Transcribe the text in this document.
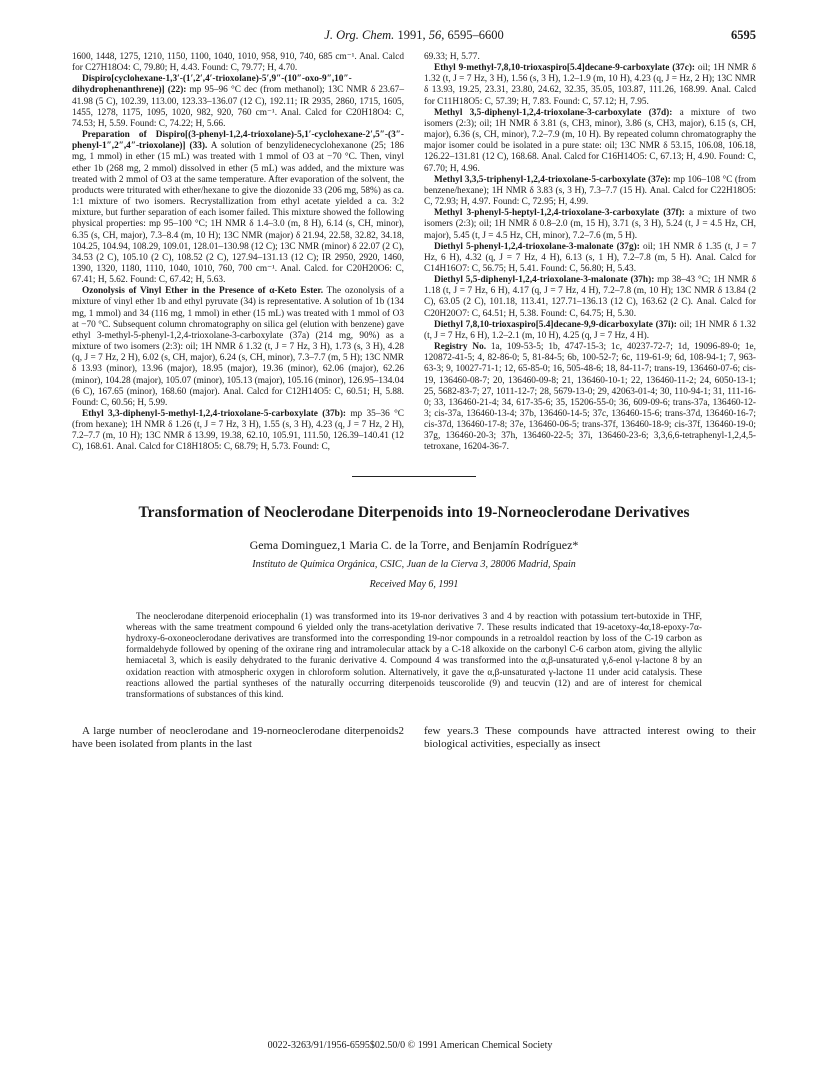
J. Org. Chem. 1991, 56, 6595–6600	6595

1600, 1448, 1275, 1210, 1150, 1100, 1040, 1010, 958, 910, 740, 685 cm⁻¹. Anal. Calcd for C27H18O4: C, 79.80; H, 4.43. Found: C, 79.77; H, 4.70.

Dispiro[cyclohexane-1,3′-(1′,2′,4′-trioxolane)-5′,9″-(10″-oxo-9″,10″-dihydrophenanthrene)] (22): mp 95–96 °C dec (from methanol); 13C NMR δ 23.67–41.98 (5 C), 102.39, 113.00, 123.33–136.07 (12 C), 192.11; IR 2935, 2860, 1715, 1605, 1455, 1278, 1175, 1095, 1020, 982, 920, 760 cm⁻¹. Anal. Calcd for C20H18O4: C, 74.53; H, 5.59. Found: C, 74.22; H, 5.66.

Preparation of Dispiro[(3-phenyl-1,2,4-trioxolane)-5,1′-cyclohexane-2′,5″-(3″-phenyl-1″,2″,4″-trioxolane)] (33). A solution of benzylidenecyclohexanone (25; 186 mg, 1 mmol) in ether (15 mL) was treated with 1 mmol of O3 at −70 °C. Then, vinyl ether 1b (268 mg, 2 mmol) dissolved in ether (5 mL) was added, and the mixture was treated with 2 mmol of O3 at the same temperature. After evaporation of the solvent, the products were triturated with ether/hexane to give the diozonide 33 (206 mg, 58%) as ca. 1:1 mixture of two isomers. Recrystallization from ethyl acetate yielded a ca. 3:2 mixture, but further separation of each isomer failed. This mixture showed the following physical properties: mp 95–100 °C; 1H NMR δ 1.4–3.0 (m, 8 H), 6.14 (s, CH, minor), 6.35 (s, CH, major), 7.3–8.4 (m, 10 H); 13C NMR (major) δ 21.94, 22.58, 32.82, 34.18, 104.25, 104.94, 108.29, 109.01, 128.01–130.98 (12 C); 13C NMR (minor) δ 22.07 (2 C), 34.53 (2 C), 105.10 (2 C), 108.52 (2 C), 127.94–131.13 (12 C); IR 2950, 2920, 1460, 1390, 1320, 1180, 1110, 1040, 1010, 760, 700 cm⁻¹. Anal. Calcd. for C20H20O6: C, 67.41; H, 5.62. Found: C, 67.42; H, 5.63.

Ozonolysis of Vinyl Ether in the Presence of α-Keto Ester. The ozonolysis of a mixture of vinyl ether 1b and ethyl pyruvate (34) is representative. A solution of 1b (134 mg, 1 mmol) and 34 (116 mg, 1 mmol) in ether (15 mL) was treated with 1 mmol of O3 at −70 °C. Subsequent column chromatography on silica gel (elution with benzene) gave ethyl 3-methyl-5-phenyl-1,2,4-trioxolane-3-carboxylate (37a) (214 mg, 90%) as a mixture of two isomers (2:3): oil; 1H NMR δ 1.32 (t, J = 7 Hz, 3 H), 1.73 (s, 3 H), 4.28 (q, J = 7 Hz, 2 H), 6.02 (s, CH, major), 6.24 (s, CH, minor), 7.3–7.7 (m, 5 H); 13C NMR δ 13.93 (minor), 13.96 (major), 18.95 (major), 19.36 (minor), 62.06 (major), 62.26 (minor), 104.28 (major), 105.07 (minor), 105.13 (major), 105.16 (minor), 126.95–134.04 (6 C), 167.65 (minor), 168.60 (major). Anal. Calcd for C12H14O5: C, 60.51; H, 5.88. Found: C, 60.56; H, 5.99.

Ethyl 3,3-diphenyl-5-methyl-1,2,4-trioxolane-5-carboxylate (37b): mp 35–36 °C (from hexane); 1H NMR δ 1.26 (t, J = 7 Hz, 3 H), 1.55 (s, 3 H), 4.23 (q, J = 7 Hz, 2 H), 7.2–7.7 (m, 10 H); 13C NMR δ 13.99, 19.38, 62.10, 105.91, 111.50, 126.39–140.41 (12 C), 168.61. Anal. Calcd for C18H18O5: C, 68.79; H, 5.73. Found: C,

69.33; H, 5.77.

Ethyl 9-methyl-7,8,10-trioxaspiro[5.4]decane-9-carboxylate (37c): oil; 1H NMR δ 1.32 (t, J = 7 Hz, 3 H), 1.56 (s, 3 H), 1.2–1.9 (m, 10 H), 4.23 (q, J = Hz, 2 H); 13C NMR δ 13.93, 19.25, 23.31, 23.80, 24.62, 32.35, 35.05, 103.87, 111.26, 168.99. Anal. Calcd for C11H18O5: C, 57.39; H, 7.83. Found: C, 57.12; H, 7.95.

Methyl 3,5-diphenyl-1,2,4-trioxolane-3-carboxylate (37d): a mixture of two isomers (2:3); oil; 1H NMR δ 3.81 (s, CH3, minor), 3.86 (s, CH3, major), 6.15 (s, CH, major), 6.36 (s, CH, minor), 7.2–7.9 (m, 10 H). By repeated column chromatography the major isomer could be isolated in a pure state: oil; 13C NMR δ 53.15, 106.08, 106.18, 126.22–131.81 (12 C), 168.68. Anal. Calcd for C16H14O5: C, 67.13; H, 4.90. Found: C, 67.70; H, 4.96.

Methyl 3,3,5-triphenyl-1,2,4-trioxolane-5-carboxylate (37e): mp 106–108 °C (from benzene/hexane); 1H NMR δ 3.83 (s, 3 H), 7.3–7.7 (15 H). Anal. Calcd for C22H18O5: C, 72.93; H, 4.97. Found: C, 72.95; H, 4.99.

Methyl 3-phenyl-5-heptyl-1,2,4-trioxolane-3-carboxylate (37f): a mixture of two isomers (2:3); oil; 1H NMR δ 0.8–2.0 (m, 15 H), 3.71 (s, 3 H), 5.24 (t, J = 4.5 Hz, CH, major), 5.45 (t, J = 4.5 Hz, CH, minor), 7.2–7.6 (m, 5 H).

Diethyl 5-phenyl-1,2,4-trioxolane-3-malonate (37g): oil; 1H NMR δ 1.35 (t, J = 7 Hz, 6 H), 4.32 (q, J = 7 Hz, 4 H), 6.13 (s, 1 H), 7.2–7.8 (m, 5 H). Anal. Calcd for C14H16O7: C, 56.75; H, 5.41. Found: C, 56.80; H, 5.43.

Diethyl 5,5-diphenyl-1,2,4-trioxolane-3-malonate (37h): mp 38–43 °C; 1H NMR δ 1.18 (t, J = 7 Hz, 6 H), 4.17 (q, J = 7 Hz, 4 H), 7.2–7.8 (m, 10 H); 13C NMR δ 13.84 (2 C), 63.05 (2 C), 101.18, 113.41, 127.71–136.13 (12 C), 163.62 (2 C). Anal. Calcd for C20H20O7: C, 64.51; H, 5.38. Found: C, 64.75; H, 5.30.

Diethyl 7,8,10-trioxaspiro[5.4]decane-9,9-dicarboxylate (37i): oil; 1H NMR δ 1.32 (t, J = 7 Hz, 6 H), 1.2–2.1 (m, 10 H), 4.25 (q, J = 7 Hz, 4 H).

Registry No. 1a, 109-53-5; 1b, 4747-15-3; 1c, 40237-72-7; 1d, 19096-89-0; 1e, 120872-41-5; 4, 82-86-0; 5, 81-84-5; 6b, 100-52-7; 6c, 119-61-9; 6d, 108-94-1; 7, 963-63-3; 9, 10027-71-1; 12, 65-85-0; 16, 505-48-6; 18, 84-11-7; trans-19, 136460-07-6; cis-19, 136460-08-7; 20, 136460-09-8; 21, 136460-10-1; 22, 136460-11-2; 24, 6050-13-1; 25, 5682-83-7; 27, 1011-12-7; 28, 5679-13-0; 29, 42063-01-4; 30, 110-94-1; 31, 111-16-0; 33, 136460-21-4; 34, 617-35-6; 35, 15206-55-0; 36, 609-09-6; trans-37a, 136460-12-3; cis-37a, 136460-13-4; 37b, 136460-14-5; 37c, 136460-15-6; trans-37d, 136460-16-7; cis-37d, 136460-17-8; 37e, 136460-06-5; trans-37f, 136460-18-9; cis-37f, 136460-19-0; 37g, 136460-20-3; 37h, 136460-22-5; 37i, 136460-23-6; 3,3,6,6-tetraphenyl-1,2,4,5-tetroxane, 16204-36-7.

Transformation of Neoclerodane Diterpenoids into 19-Norneoclerodane Derivatives
Gema Dominguez,1 Maria C. de la Torre, and Benjamín Rodríguez*
Instituto de Química Orgánica, CSIC, Juan de la Cierva 3, 28006 Madrid, Spain
Received May 6, 1991
The neoclerodane diterpenoid eriocephalin (1) was transformed into its 19-nor derivatives 3 and 4 by reaction with potassium tert-butoxide in THF, whereas with the same treatment compound 6 yielded only the trans-acetylation derivative 7. These results indicated that 19-acetoxy-4α,18-epoxy-7α-hydroxy-6-oxoneoclerodane derivatives are transformed into the corresponding 19-nor compounds in a retroaldol reaction by loss of the C-19 carbon as formaldehyde followed by opening of the oxirane ring and intramolecular attack by a C-18 alkoxide on the carbonyl C-6 carbon atom, giving the allylic hemiacetal 3, which is easily dehydrated to the furanic derivative 4. Compound 4 was transformed into the α,β-unsaturated γ,δ-enol γ-lactone 8 by an oxidation reaction with atmospheric oxygen in chloroform solution. Alternatively, it gave the α,β-unsaturated γ-lactone 11 under acid catalysis. These reactions allowed the partial syntheses of the naturally occurring diterpenoids teuscorolide (9) and teucvin (12) and are of interest for chemical transformations of substances of this kind.

A large number of neoclerodane and 19-norneoclerodane diterpenoids2 have been isolated from plants in the last

few years.3 These compounds have attracted interest owing to their biological activities, especially as insect

0022-3263/91/1956-6595$02.50/0 © 1991 American Chemical Society
